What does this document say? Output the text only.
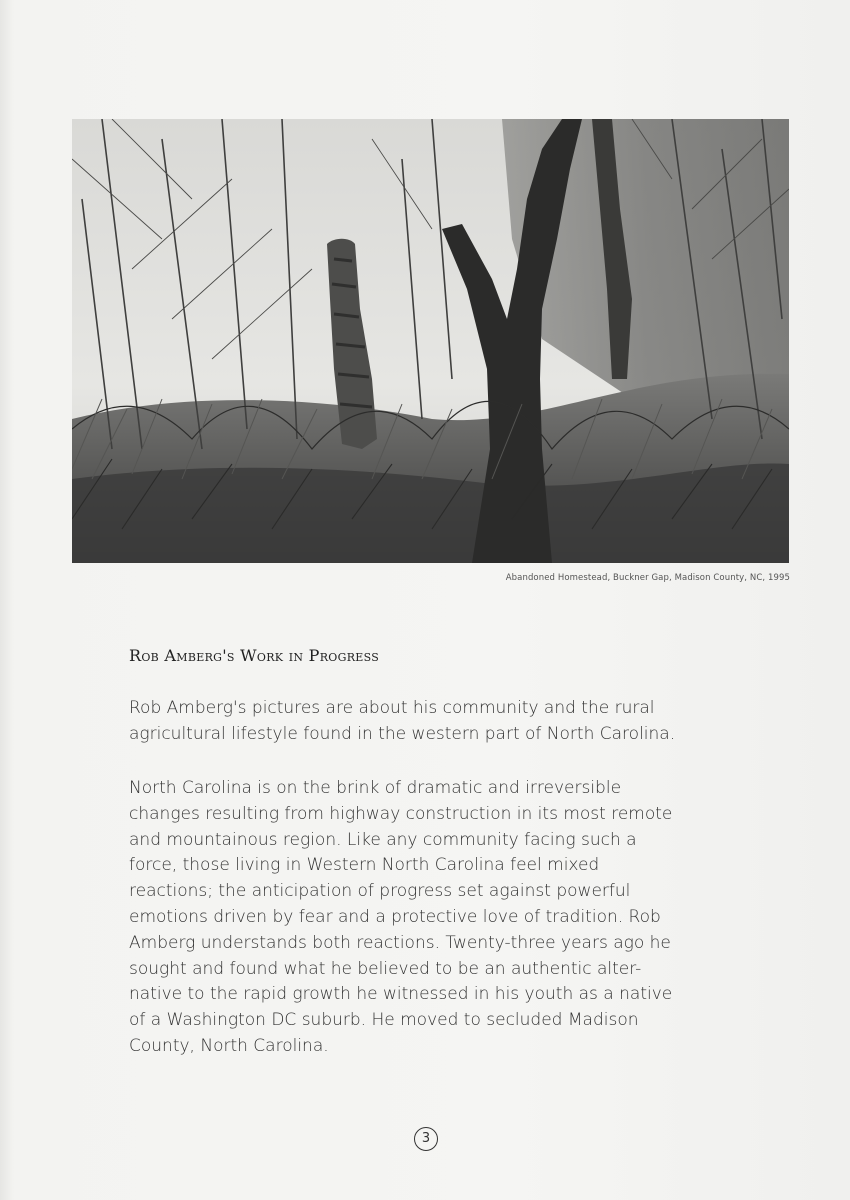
Abandoned Homestead, Buckner Gap, Madison County, NC, 1995
Rob Amberg's Work in Progress

Rob Amberg's pictures are about his community and the rural
agricultural lifestyle found in the western part of North Carolina.

North Carolina is on the brink of dramatic and irreversible
changes resulting from highway construction in its most remote
and mountainous region. Like any community facing such a
force, those living in Western North Carolina feel mixed
reactions; the anticipation of progress set against powerful
emotions driven by fear and a protective love of tradition. Rob
Amberg understands both reactions. Twenty-three years ago he
sought and found what he believed to be an authentic alter-
native to the rapid growth he witnessed in his youth as a native
of a Washington DC suburb. He moved to secluded Madison
County, North Carolina.

3
